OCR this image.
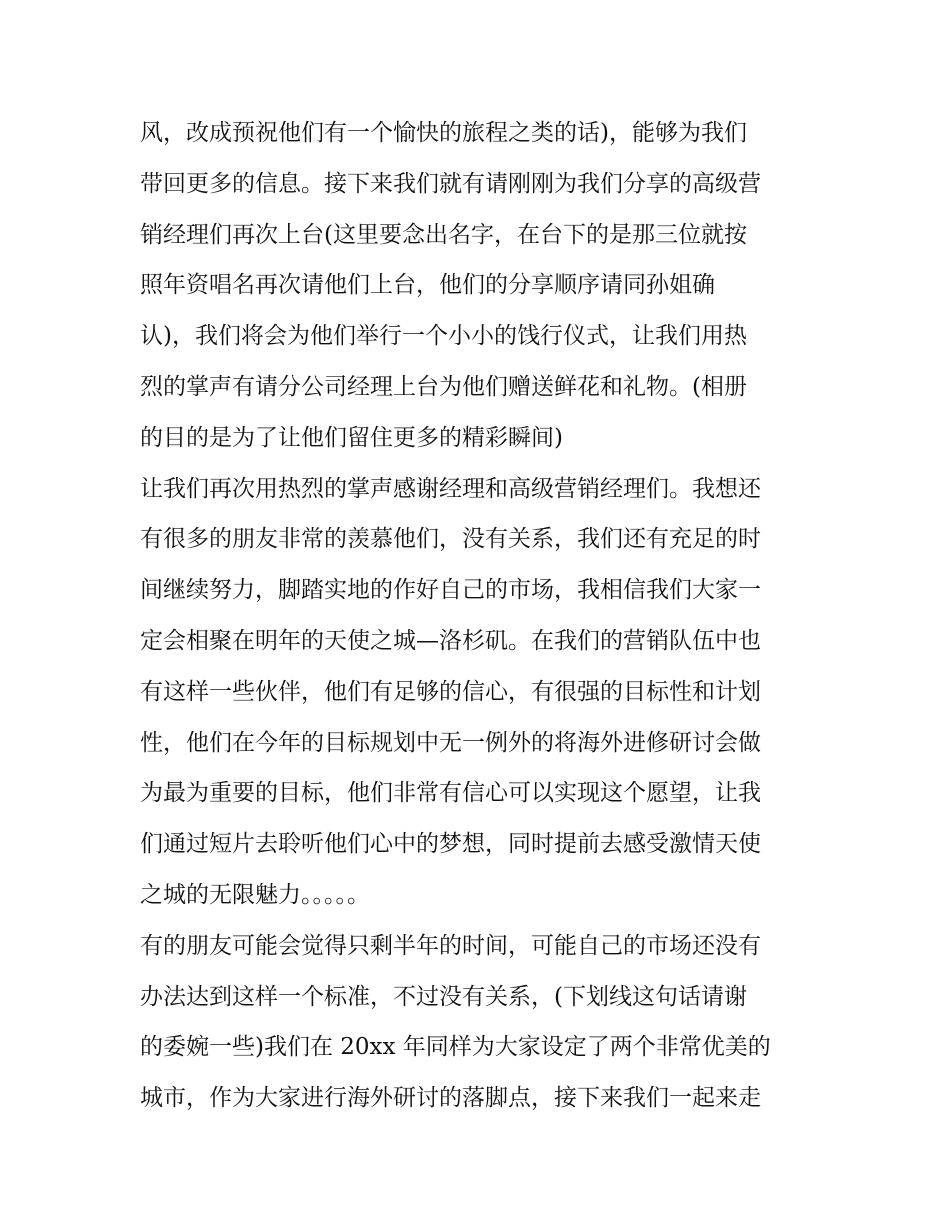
风，改成预祝他们有一个愉快的旅程之类的话)，能够为我们
带回更多的信息。接下来我们就有请刚刚为我们分享的高级营
销经理们再次上台(这里要念出名字，在台下的是那三位就按
照年资唱名再次请他们上台，他们的分享顺序请同孙姐确
认)，我们将会为他们举行一个小小的饯行仪式，让我们用热
烈的掌声有请分公司经理上台为他们赠送鲜花和礼物。(相册
的目的是为了让他们留住更多的精彩瞬间)
让我们再次用热烈的掌声感谢经理和高级营销经理们。我想还
有很多的朋友非常的羡慕他们，没有关系，我们还有充足的时
间继续努力，脚踏实地的作好自己的市场，我相信我们大家一
定会相聚在明年的天使之城—洛杉矶。在我们的营销队伍中也
有这样一些伙伴，他们有足够的信心，有很强的目标性和计划
性，他们在今年的目标规划中无一例外的将海外进修研讨会做
为最为重要的目标，他们非常有信心可以实现这个愿望，让我
们通过短片去聆听他们心中的梦想，同时提前去感受激情天使
之城的无限魅力。。。。。
有的朋友可能会觉得只剩半年的时间，可能自己的市场还没有
办法达到这样一个标准，不过没有关系，(下划线这句话请谢
的委婉一些)我们在 20xx 年同样为大家设定了两个非常优美的
城市，作为大家进行海外研讨的落脚点，接下来我们一起来走
